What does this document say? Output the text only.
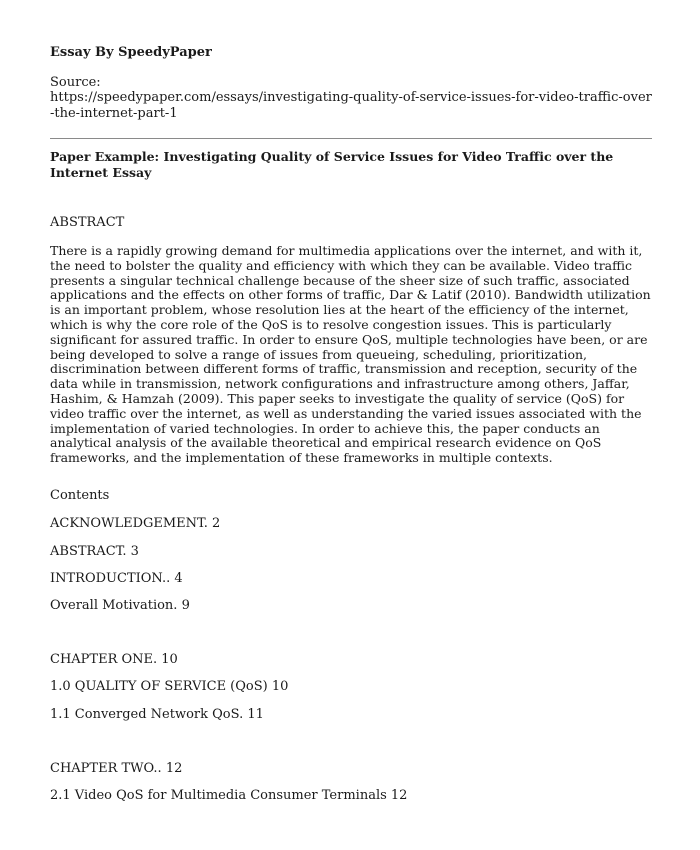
Essay By SpeedyPaper
Source:
https://speedypaper.com/essays/investigating-quality-of-service-issues-for-video-traffic-over-the-internet-part-1
Paper Example: Investigating Quality of Service Issues for Video Traffic over the Internet Essay
ABSTRACT
There is a rapidly growing demand for multimedia applications over the internet, and with it, the need to bolster the quality and efficiency with which they can be available. Video traffic presents a singular technical challenge because of the sheer size of such traffic, associated applications and the effects on other forms of traffic, Dar & Latif (2010). Bandwidth utilization is an important problem, whose resolution lies at the heart of the efficiency of the internet, which is why the core role of the QoS is to resolve congestion issues. This is particularly significant for assured traffic. In order to ensure QoS, multiple technologies have been, or are being developed to solve a range of issues from queueing, scheduling, prioritization, discrimination between different forms of traffic, transmission and reception, security of the data while in transmission, network configurations and infrastructure among others, Jaffar, Hashim, & Hamzah (2009). This paper seeks to investigate the quality of service (QoS) for video traffic over the internet, as well as understanding the varied issues associated with the implementation of varied technologies. In order to achieve this, the paper conducts an analytical analysis of the available theoretical and empirical research evidence on QoS frameworks, and the implementation of these frameworks in multiple contexts.
Contents
ACKNOWLEDGEMENT. 2
ABSTRACT. 3
INTRODUCTION.. 4
Overall Motivation. 9
CHAPTER ONE. 10
1.0 QUALITY OF SERVICE (QoS) 10
1.1 Converged Network QoS. 11
CHAPTER TWO.. 12
2.1 Video QoS for Multimedia Consumer Terminals 12
